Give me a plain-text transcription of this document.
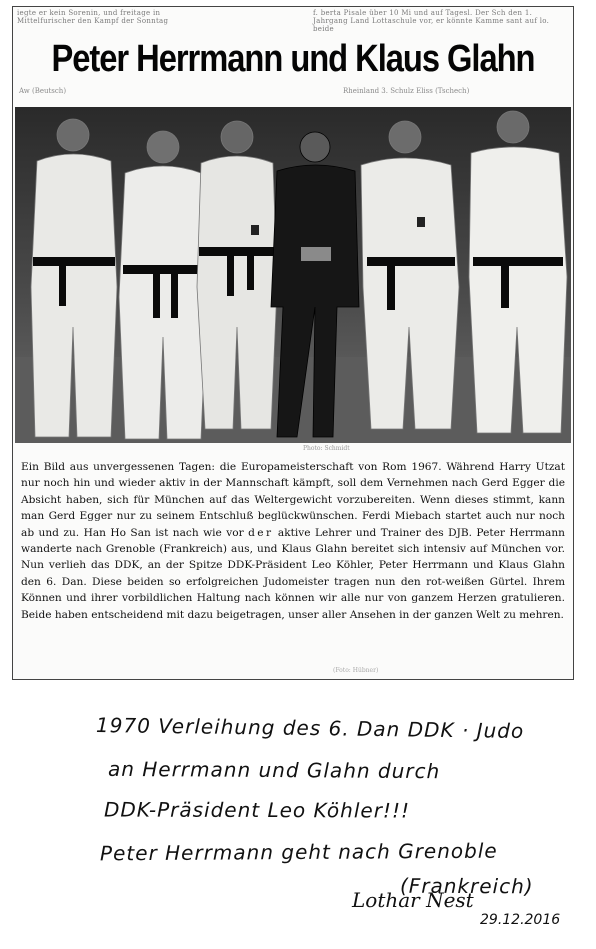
iegte er kein Sorenin, und freitage in Mittelfurischer den Kampf der Sonntag
f. berta Pisale über 10 Mi und auf Tagesl. Der Sch den 1. Jahrgang Land Lottaschule vor, er könnte Kamme sant auf lo. beide
Peter Herrmann und Klaus Glahn
Aw (Beutsch)	Rheinland 3. Schulz Eliss (Tschech)
Photo: Schmidt
Ein Bild aus unvergessenen Tagen: die Europameisterschaft von Rom 1967. Während Harry Utzat nur noch hin und wieder aktiv in der Mannschaft kämpft, soll dem Vernehmen nach Gerd Egger die Absicht haben, sich für München auf das Weltergewicht vorzubereiten. Wenn dieses stimmt, kann man Gerd Egger nur zu seinem Entschluß beglückwünschen. Ferdi Miebach startet auch nur noch ab und zu. Han Ho San ist nach wie vor der aktive Lehrer und Trainer des DJB. Peter Herrmann wanderte nach Grenoble (Frankreich) aus, und Klaus Glahn bereitet sich intensiv auf München vor. Nun verlieh das DDK, an der Spitze DDK-Präsident Leo Köhler, Peter Herrmann und Klaus Glahn den 6. Dan. Diese beiden so erfolgreichen Judomeister tragen nun den rot-weißen Gürtel. Ihrem Können und ihrer vorbildlichen Haltung nach können wir alle nur von ganzem Herzen gratulieren. Beide haben entscheidend mit dazu beigetragen, unser aller Ansehen in der ganzen Welt zu mehren.
(Foto: Hübner)
1970 Verleihung des 6. Dan DDK · Judo
an Herrmann und Glahn durch
DDK-Präsident Leo Köhler!!!
Peter Herrmann geht nach Grenoble
(Frankreich)
Lothar Nest
29.12.2016
